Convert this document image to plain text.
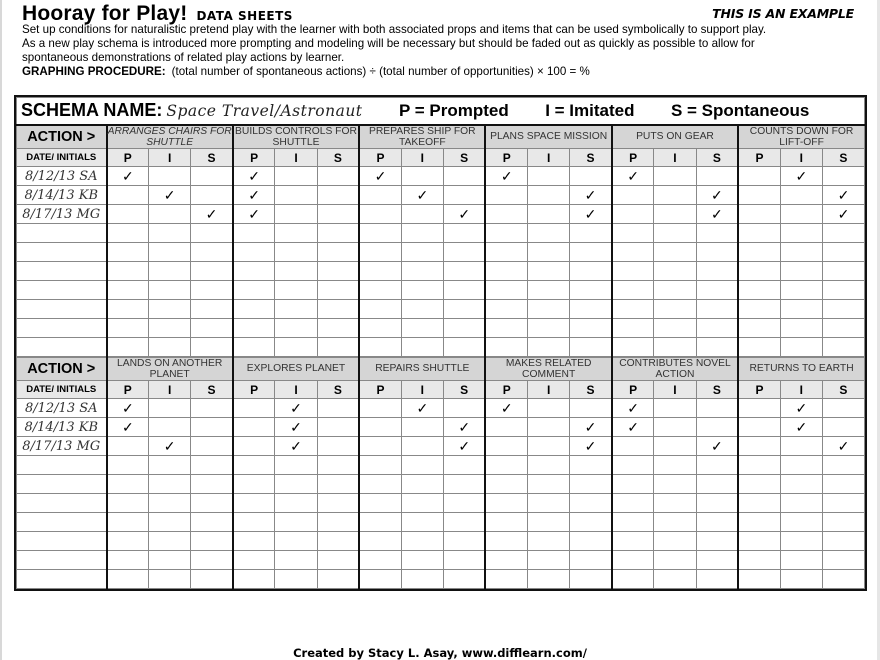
Hooray for Play! DATA SHEETS	THIS IS AN EXAMPLE

Set up conditions for naturalistic pretend play with the learner with both associated props and items that can be used symbolically to support play.

As a new play schema is introduced more prompting and modeling will be necessary but should be faded out as quickly as possible to allow for

spontaneous demonstrations of related play actions by learner.

GRAPHING PROCEDURE: (total number of spontaneous actions) ÷ (total number of opportunities) × 100 = %

SCHEMA NAME: Space Travel/Astronaut P = Prompted I = Imitated S = Spontaneous																		
ACTION >	ARRANGES CHAIRS FOR SHUTTLE			BUILDS CONTROLS FOR SHUTTLE			PREPARES SHIP FOR TAKEOFF			PLANS SPACE MISSION			PUTS ON GEAR			COUNTS DOWN FOR LIFT-OFF		
DATE/ INITIALS	P	I	S	P	I	S	P	I	S	P	I	S	P	I	S	P	I	S
8/12/13 SA	✓			✓			✓			✓			✓				✓	
8/14/13 KB		✓		✓				✓				✓			✓			✓
8/17/13 MG			✓	✓					✓			✓			✓			✓

ACTION >	LANDS ON ANOTHER PLANET			EXPLORES PLANET			REPAIRS SHUTTLE			MAKES RELATED COMMENT			CONTRIBUTES NOVEL ACTION			RETURNS TO EARTH		
DATE/ INITIALS	P	I	S	P	I	S	P	I	S	P	I	S	P	I	S	P	I	S
8/12/13 SA	✓				✓			✓		✓			✓				✓	
8/14/13 KB	✓				✓				✓			✓	✓				✓	
8/17/13 MG		✓			✓				✓			✓			✓			✓

Created by Stacy L. Asay, www.difflearn.com/
